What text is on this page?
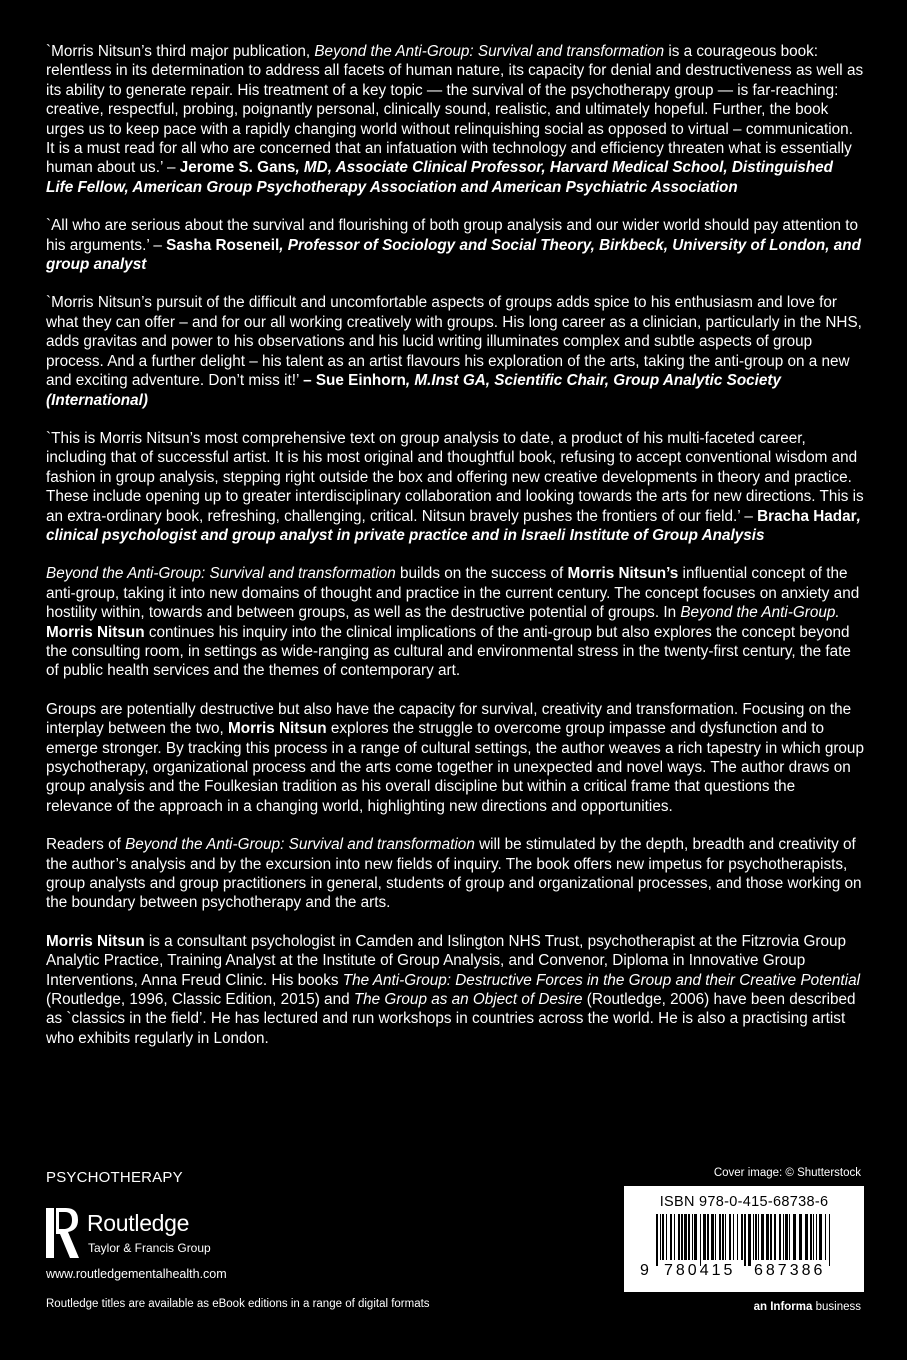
`Morris Nitsun’s third major publication, Beyond the Anti-Group: Survival and transformation is a courageous book: relentless in its determination to address all facets of human nature, its capacity for denial and destructiveness as well as its ability to generate repair. His treatment of a key topic — the survival of the psychotherapy group — is far-reaching: creative, respectful, probing, poignantly personal, clinically sound, realistic, and ultimately hopeful. Further, the book urges us to keep pace with a rapidly changing world without relinquishing social as opposed to virtual – communication. It is a must read for all who are concerned that an infatuation with technology and efficiency threaten what is essentially human about us.’ – Jerome S. Gans, MD, Associate Clinical Professor, Harvard Medical School, Distinguished Life Fellow, American Group Psychotherapy Association and American Psychiatric Association

`All who are serious about the survival and flourishing of both group analysis and our wider world should pay attention to his arguments.’ – Sasha Roseneil, Professor of Sociology and Social Theory, Birkbeck, University of London, and group analyst

`Morris Nitsun’s pursuit of the difficult and uncomfortable aspects of groups adds spice to his enthusiasm and love for what they can offer – and for our all working creatively with groups. His long career as a clinician, particularly in the NHS, adds gravitas and power to his observations and his lucid writing illuminates complex and subtle aspects of group process. And a further delight – his talent as an artist flavours his exploration of the arts, taking the anti-group on a new and exciting adventure. Don’t miss it!’ – Sue Einhorn, M.Inst GA, Scientific Chair, Group Analytic Society (International)

`This is Morris Nitsun’s most comprehensive text on group analysis to date, a product of his multi-faceted career, including that of successful artist. It is his most original and thoughtful book, refusing to accept conventional wisdom and fashion in group analysis, stepping right outside the box and offering new creative developments in theory and practice. These include opening up to greater interdisciplinary collaboration and looking towards the arts for new directions. This is an extra-ordinary book, refreshing, challenging, critical. Nitsun bravely pushes the frontiers of our field.’ – Bracha Hadar, clinical psychologist and group analyst in private practice and in Israeli Institute of Group Analysis

Beyond the Anti-Group: Survival and transformation builds on the success of Morris Nitsun’s influential concept of the anti-group, taking it into new domains of thought and practice in the current century. The concept focuses on anxiety and hostility within, towards and between groups, as well as the destructive potential of groups. In Beyond the Anti-Group. Morris Nitsun continues his inquiry into the clinical implications of the anti-group but also explores the concept beyond the consulting room, in settings as wide-ranging as cultural and environmental stress in the twenty-first century, the fate of public health services and the themes of contemporary art.

Groups are potentially destructive but also have the capacity for survival, creativity and transformation. Focusing on the interplay between the two, Morris Nitsun explores the struggle to overcome group impasse and dysfunction and to emerge stronger. By tracking this process in a range of cultural settings, the author weaves a rich tapestry in which group psychotherapy, organizational process and the arts come together in unexpected and novel ways. The author draws on group analysis and the Foulkesian tradition as his overall discipline but within a critical frame that questions the relevance of the approach in a changing world, highlighting new directions and opportunities.

Readers of Beyond the Anti-Group: Survival and transformation will be stimulated by the depth, breadth and creativity of the author’s analysis and by the excursion into new fields of inquiry. The book offers new impetus for psychotherapists, group analysts and group practitioners in general, students of group and organizational processes, and those working on the boundary between psychotherapy and the arts.

Morris Nitsun is a consultant psychologist in Camden and Islington NHS Trust, psychotherapist at the Fitzrovia Group Analytic Practice, Training Analyst at the Institute of Group Analysis, and Convenor, Diploma in Innovative Group Interventions, Anna Freud Clinic. His books The Anti-Group: Destructive Forces in the Group and their Creative Potential (Routledge, 1996, Classic Edition, 2015) and The Group as an Object of Desire (Routledge, 2006) have been described as `classics in the field’. He has lectured and run workshops in countries across the world. He is also a practising artist who exhibits regularly in London.

PSYCHOTHERAPY
Routledge
Taylor & Francis Group
www.routledgementalhealth.com
Routledge titles are available as eBook editions in a range of digital formats
Cover image: © Shutterstock
ISBN 978-0-415-68738-6
9 780415 687386
an Informa business
